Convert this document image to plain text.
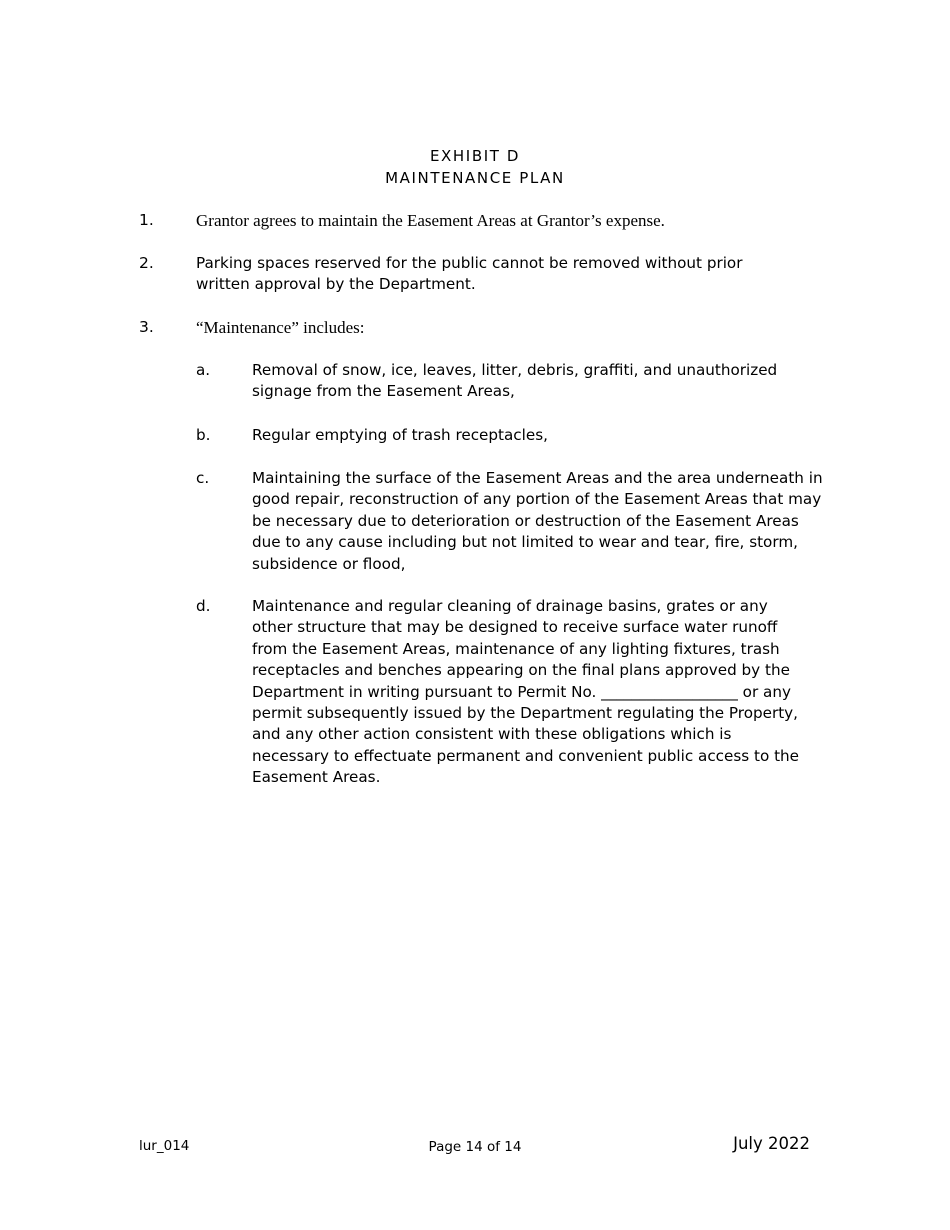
EXHIBIT D
MAINTENANCE PLAN
1. Grantor agrees to maintain the Easement Areas at Grantor’s expense.
2.	Parking spaces reserved for the public cannot be removed without prior written approval by the Department.
3. “Maintenance” includes:
a.	Removal of snow, ice, leaves, litter, debris, graffiti, and unauthorized signage from the Easement Areas,
b.	Regular emptying of trash receptacles,
c.	Maintaining the surface of the Easement Areas and the area underneath in good repair, reconstruction of any portion of the Easement Areas that may be necessary due to deterioration or destruction of the Easement Areas due to any cause including but not limited to wear and tear, fire, storm, subsidence or flood,
d.	Maintenance and regular cleaning of drainage basins, grates or any other structure that may be designed to receive surface water runoff from the Easement Areas, maintenance of any lighting fixtures, trash receptacles and benches appearing on the final plans approved by the Department in writing pursuant to Permit No. __________________ or any permit subsequently issued by the Department regulating the Property, and any other action consistent with these obligations which is necessary to effectuate permanent and convenient public access to the Easement Areas.
lur_014	Page 14 of 14	July 2022
